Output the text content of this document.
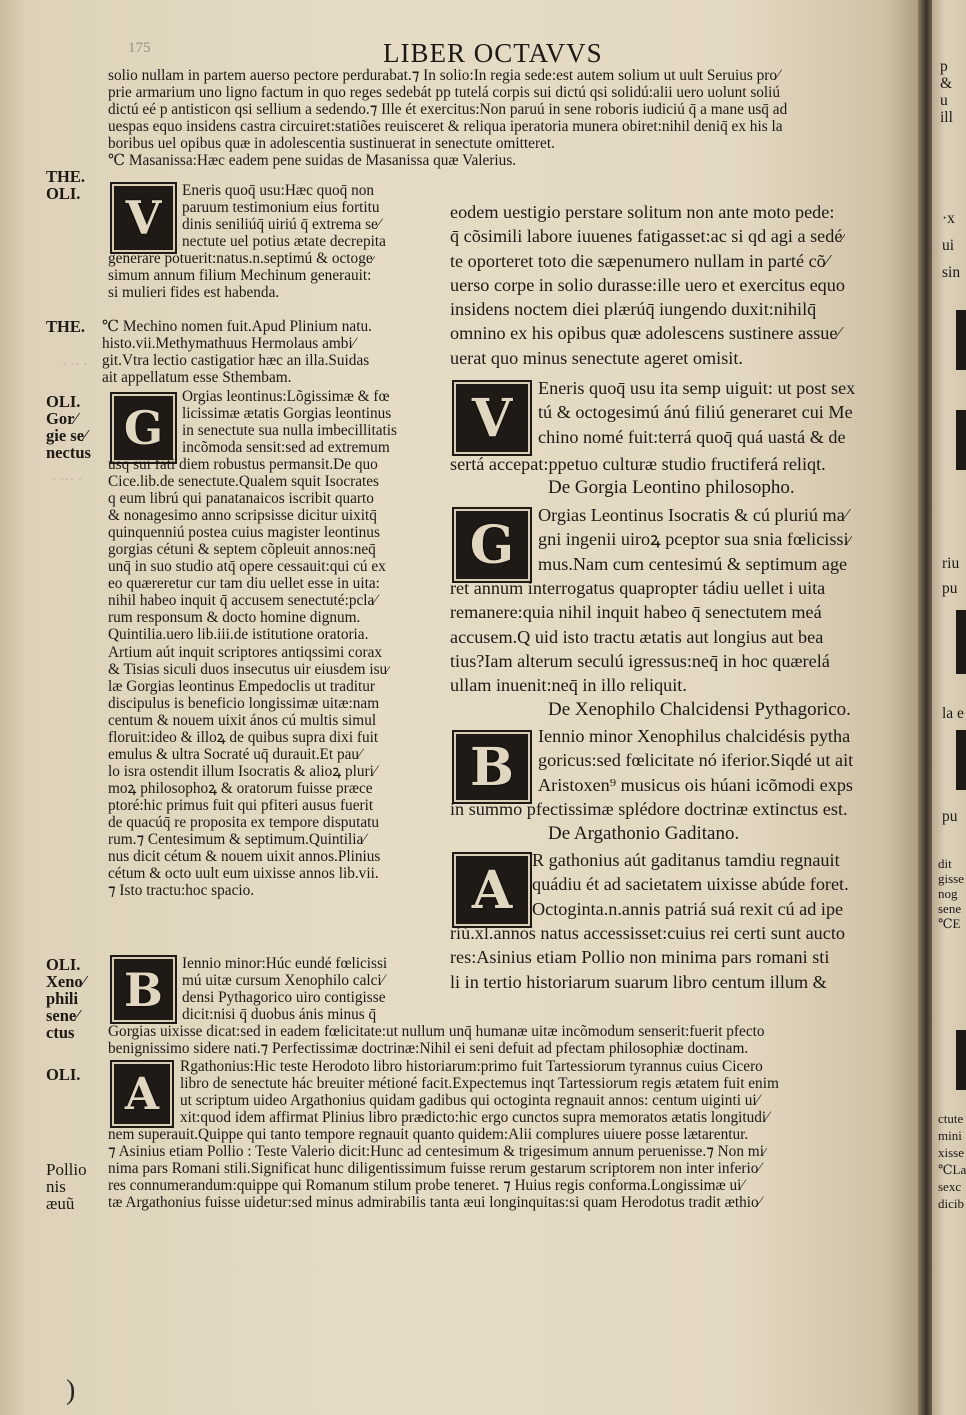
p
&
u
ill
·x
ui
sin
riu
pu
la e
pu
dit
gisse
nog
sene
℃E
ctute
mini
xisse
℃La
sexc
dicib
175	LIBER OCTAVVS
solio nullam in partem auerso pectore perdurabat.⁊ In solio:In regia sede:est autem solium ut uult Seruius pro⁄
prie armarium uno ligno factum in quo reges sedebát pp tutelá corpis sui dictú qsi solidú:alii uero uolunt soliú
dictú eé p antisticon qsi sellium a sedendo.⁊ Ille ét exercitus:Non paruú in sene roboris iudiciú q̄ a mane usq̄ ad
uespas equo insidens castra circuiret:statiões reuisceret & reliqua iperatoria munera obiret:nihil deniq̄ ex his la
boribus uel opibus quæ in adolescentia sustinuerat in senectute omitteret.
℃ Masanissa:Hæc eadem pene suidas de Masanissa quæ Valerius.
THE.
OLI.
THE.
OLI.
Gor⁄
gie se⁄
nectus
OLI.
Xeno⁄
phili
sene⁄
ctus
OLI.
Pollio
nis
æuũ
· ·· ·
· ··· ·
)
V
Eneris quoq̄ usu:Hæc quoq̄ non
paruum testimonium eius fortitu
dinis seniliúq̄ uiriú q̄ extrema se⁄
nectute uel potius ætate decrepita
generare potuerit:natus.n.septimú & octoge⁄
simum annum filium Mechinum generauit:
si mulieri fides est habenda.
℃ Mechino nomen fuit.Apud Plinium natu.
histo.vii.Methymathuus Hermolaus ambi⁄
git.Vtra lectio castigatior hæc an illa.Suidas
ait appellatum esse Sthembam.
G
Orgias leontinus:Lõgissimæ & fœ
licissimæ ætatis Gorgias leontinus
in senectute sua nulla imbecillitatis
incõmoda sensit:sed ad extremum
usq̄ sui fati diem robustus permansit.De quo
Cice.lib.de senectute.Qualem squit Isocrates
q eum librú qui panatanaicos iscribit quarto
& nonagesimo anno scripsisse dicitur uixitq̄
quinquenniú postea cuius magister leontinus
gorgias cétuni & septem cõpleuit annos:neq̄
unq̄ in suo studio atq̄ opere cessauit:qui cú ex
eo quæreretur cur tam diu uellet esse in uita:
nihil habeo inquit q̄ accusem senectuté:pcla⁄
rum responsum & docto homine dignum.
Quintilia.uero lib.iii.de istitutione oratoria.
Artium aút inquit scriptores antiqssimi corax
& Tisias siculi duos insecutus uir eiusdem isu⁄
læ Gorgias leontinus Empedoclis ut traditur
discipulus is beneficio longissimæ uitæ:nam
centum & nouem uixit ános cú multis simul
floruit:ideo & illoꝝ de quibus supra dixi fuit
emulus & ultra Socraté uq̄ durauit.Et pau⁄
lo isra ostendit illum Isocratis & alioꝝ pluri⁄
moꝝ philosophoꝝ & oratorum fuisse præce
ptoré:hic primus fuit qui pfiteri ausus fuerit
de quacúq̄ re proposita ex tempore disputatu
rum.⁊ Centesimum & septimum.Quintilia⁄
nus dicit cétum & nouem uixit annos.Plinius
cétum & octo uult eum uixisse annos lib.vii.
⁊ Isto tractu:hoc spacio.
B Iennio minor:Húc eundé fœlicissi
mú uitæ cursum Xenophilo calci⁄
densi Pythagorico uiro contigisse
dicit:nisi q̄ duobus ánis minus q̄
Gorgias uixisse dicat:sed in eadem fœlicitate:ut nullum unq̄ humanæ uitæ incõmodum senserit:fuerit pfecto
benignissimo sidere nati.⁊ Perfectissimæ doctrinæ:Nihil ei seni defuit ad pfectam philosophiæ doctinam.
A
Rgathonius:Hic teste Herodoto libro historiarum:primo fuit Tartessiorum tyrannus cuius Cicero
libro de senectute hác breuiter métioné facit.Expectemus inqt Tartessiorum regis ætatem fuit enim
ut scriptum uideo Argathonius quidam gadibus qui octoginta regnauit annos: centum uiginti ui⁄
xit:quod idem affirmat Plinius libro prædicto:hic ergo cunctos supra memoratos ætatis longitudi⁄
nem superauit.Quippe qui tanto tempore regnauit quanto quidem:Alii complures uiuere posse lætarentur.
⁊ Asinius etiam Pollio : Teste Valerio dicit:Hunc ad centesimum & trigesimum annum peruenisse.⁊ Non mi⁄
nima pars Romani stili.Significat hunc diligentissimum fuisse rerum gestarum scriptorem non inter inferio⁄
res connumerandum:quippe qui Romanum stilum probe teneret. ⁊ Huius regis conforma.Longissimæ ui⁄
tæ Argathonius fuisse uidetur:sed minus admirabilis tanta æui longinquitas:si quam Herodotus tradit æthio⁄
eodem uestigio perstare solitum non ante moto pede:
q̄ cõsimili labore iuuenes fatigasset:ac si qd agi a sedé⁄
te oporteret toto die sæpenumero nullam in parté cõ⁄
uerso corpe in solio durasse:ille uero et exercitus equo
insidens noctem diei plærúq̄ iungendo duxit:nihilq̄
omnino ex his opibus quæ adolescens sustinere assue⁄
uerat quo minus senectute ageret omisit.
V Eneris quoq̄ usu ita semp uiguit: ut post sex
tú & octogesimú ánú filiú generaret cui Me
chino nomé fuit:terrá quoq̄ quá uastá & de
sertá accepat:ppetuo culturæ studio fructiferá reliqt.
De Gorgia Leontino philosopho.
G Orgias Leontinus Isocratis & cú pluriú ma⁄
gni ingenii uiroꝝ pceptor sua snia fœlicissi⁄
mus.Nam cum centesimú & septimum age
ret annum interrogatus quapropter tádiu uellet i uita
remanere:quia nihil inquit habeo q̄ senectutem meá
accusem.Q uid isto tractu ætatis aut longius aut bea
tius?Iam alterum seculú igressus:neq̄ in hoc quærelá
ullam inuenit:neq̄ in illo reliquit.
De Xenophilo Chalcidensi Pythagorico.
B
Iennio minor Xenophilus chalcidésis pytha
goricus:sed fœlicitate nó iferior.Siqdé ut ait
Aristoxen⁹ musicus ois húani icõmodi exps
in summo pfectissimæ splédore doctrinæ extinctus est.
De Argathonio Gaditano.
A R gathonius aút gaditanus tamdiu regnauit
quádiu ét ad sacietatem uixisse abúde foret.
Octoginta.n.annis patriá suá rexit cú ad ipe
riú.xl.annos natus accessisset:cuius rei certi sunt aucto
res:Asinius etiam Pollio non minima pars romani sti
li in tertio historiarum suarum libro centum illum &
